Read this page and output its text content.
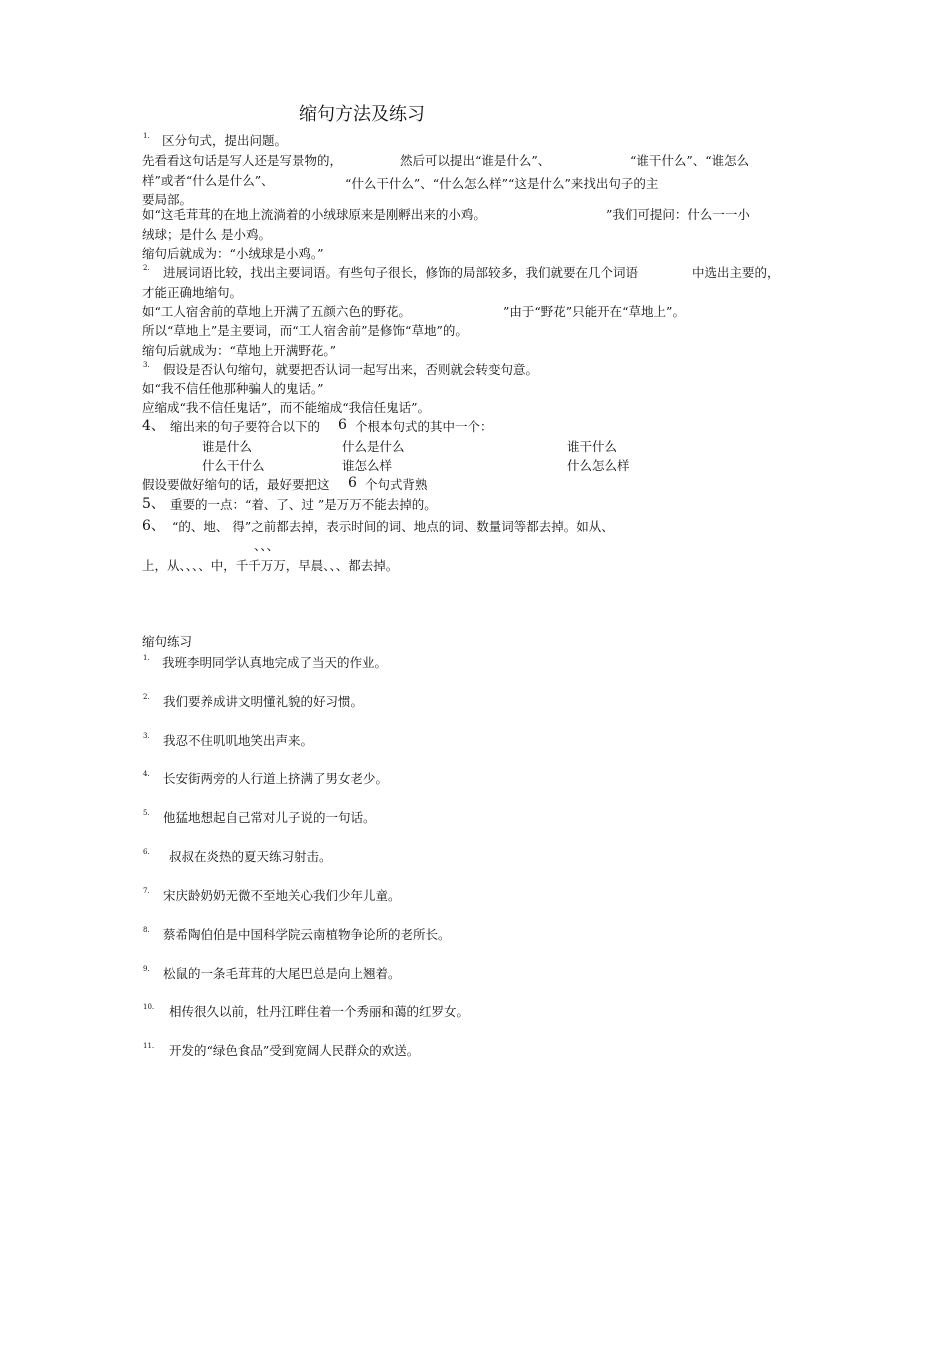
缩句方法及练习
1. 区分句式，提出问题。
先看看这句话是写人还是写景物的，	然后可以提出“谁是什么”、	“谁干什么”、“谁怎么
样”或者“什么是什么”、	“什么干什么”、“什么怎么样”“这是什么”来找出句子的主
要局部。
如“这毛茸茸的在地上流淌着的小绒球原来是刚孵出来的小鸡。	”我们可提问：什么一一小
绒球；是什么 是小鸡。
缩句后就成为：“小绒球是小鸡。”
2. 进展词语比较，找出主要词语。有些句子很长，修饰的局部较多，我们就要在几个词语	中选出主要的，
才能正确地缩句。
如“工人宿舍前的草地上开满了五颜六色的野花。	”由于“野花”只能开在“草地上”。
所以“草地上”是主要词，而“工人宿舍前”是修饰“草地”的。
缩句后就成为：“草地上开满野花。”
3. 假设是否认句缩句，就要把否认词一起写出来，否则就会转变句意。
如“我不信任他那种骗人的鬼话。”
应缩成“我不信任鬼话”，而不能缩成“我信任鬼话”。
4、 缩出来的句子要符合以下的 6 个根本句式的其中一个：
谁是什么	什么是什么	谁干什么
什么干什么	谁怎么样	什么怎么样
假设要做好缩句的话，最好要把这 6 个句式背熟
5、 重要的一点：“着、了、过 ”是万万不能去掉的。
6、 “的、地、 得”之前都去掉，表示时间的词、地点的词、数量词等都去掉。如从、
、、、
上，从、、、、中，千千万万，早晨、、、都去掉。
缩句练习
1. 我班李明同学认真地完成了当天的作业。
2. 我们要养成讲文明懂礼貌的好习惯。
3. 我忍不住叽叽地笑出声来。
4. 长安街两旁的人行道上挤满了男女老少。
5. 他猛地想起自己常对儿子说的一句话。
6. 叔叔在炎热的夏天练习射击。
7. 宋庆龄奶奶无微不至地关心我们少年儿童。
8. 蔡希陶伯伯是中国科学院云南植物争论所的老所长。
9. 松鼠的一条毛茸茸的大尾巴总是向上翘着。
10. 相传很久以前，牡丹江畔住着一个秀丽和蔼的红罗女。
11. 开发的“绿色食品”受到宽阔人民群众的欢送。
